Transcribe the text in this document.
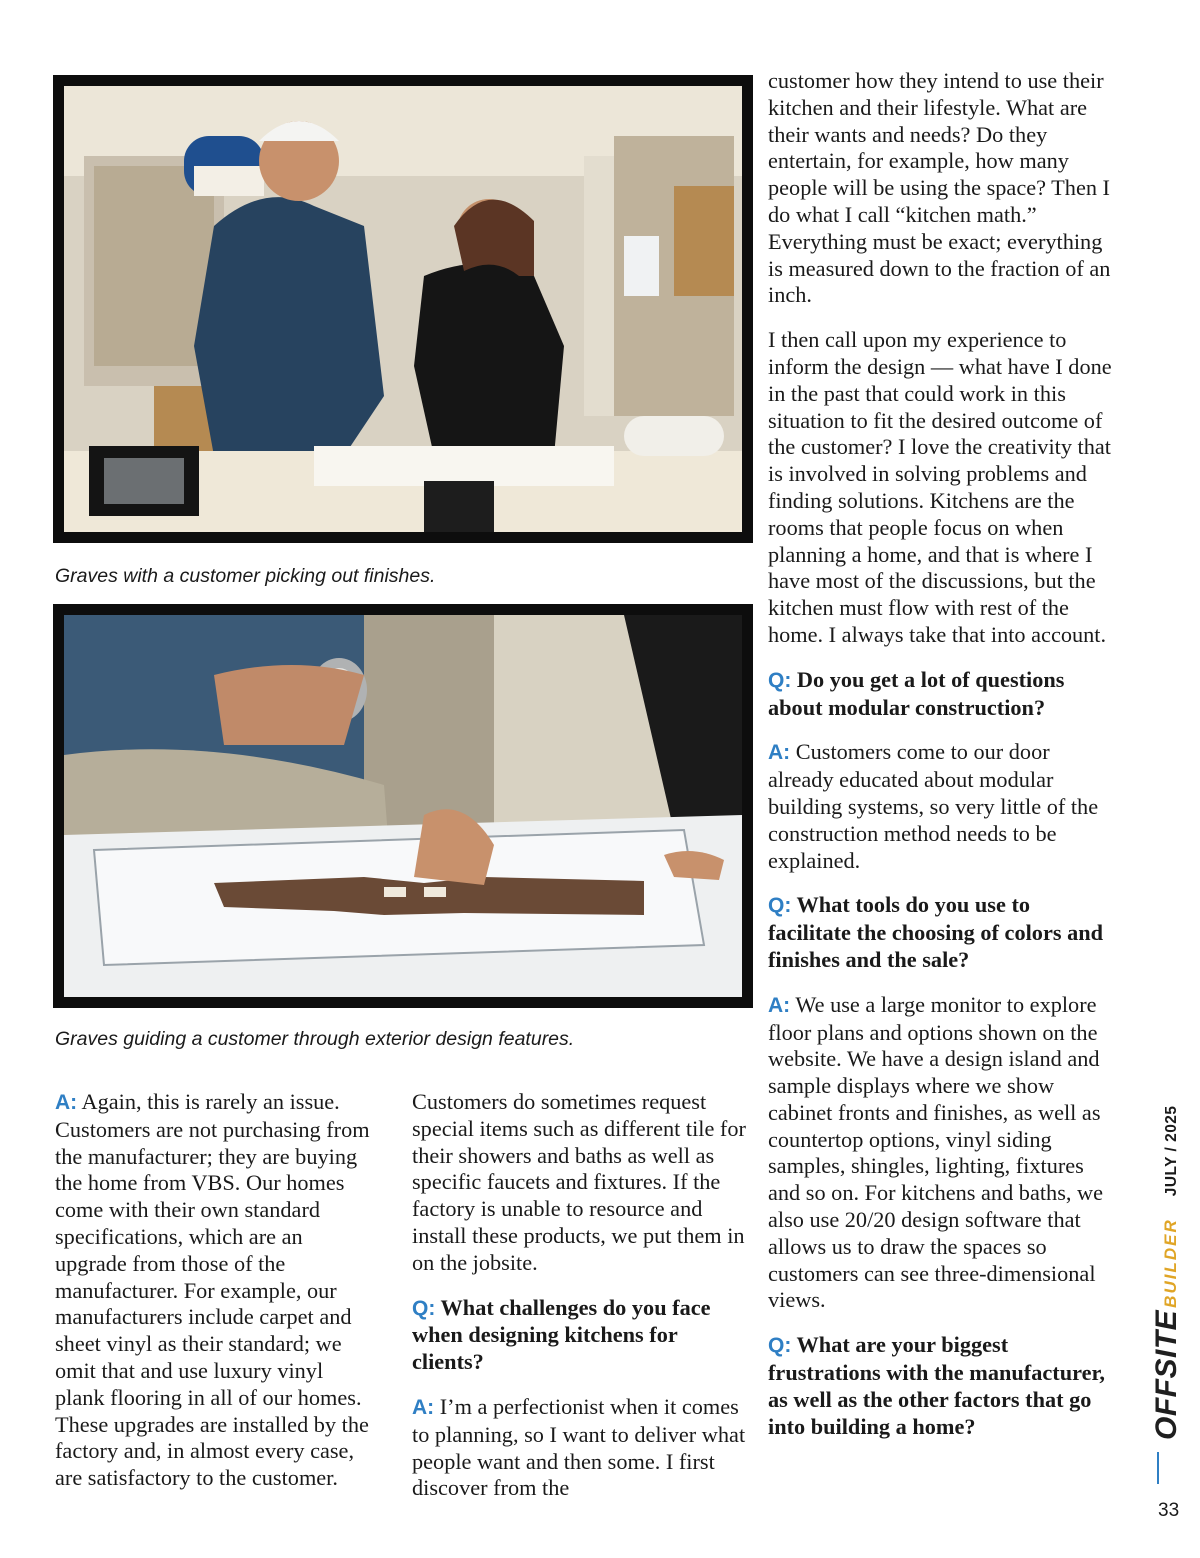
Graves with a customer picking out finishes.

Graves guiding a customer through exterior design features.

A: Again, this is rarely an issue. Customers are not purchasing from the manufacturer; they are buying the home from VBS. Our homes come with their own standard specifications, which are an upgrade from those of the manufacturer. For example, our manufacturers include carpet and sheet vinyl as their standard; we omit that and use luxury vinyl plank flooring in all of our homes. These upgrades are installed by the factory and, in almost every case, are satisfactory to the customer.

Customers do sometimes request special items such as different tile for their showers and baths as well as specific faucets and fixtures. If the factory is unable to resource and install these products, we put them in on the jobsite.

Q: What challenges do you face when designing kitchens for clients?

A: I’m a perfectionist when it comes to planning, so I want to deliver what people want and then some. I first discover from the

customer how they intend to use their kitchen and their lifestyle. What are their wants and needs? Do they entertain, for example, how many people will be using the space? Then I do what I call “kitchen math.” Everything must be exact; everything is measured down to the fraction of an inch.

I then call upon my experience to inform the design — what have I done in the past that could work in this situation to fit the desired outcome of the customer? I love the creativity that is involved in solving problems and finding solutions. Kitchens are the rooms that people focus on when planning a home, and that is where I have most of the discussions, but the kitchen must flow with rest of the home. I always take that into account.

Q: Do you get a lot of questions about modular construction?

A: Customers come to our door already educated about modular building systems, so very little of the construction method needs to be explained.

Q: What tools do you use to facilitate the choosing of colors and finishes and the sale?

A: We use a large monitor to explore floor plans and options shown on the website. We have a design island and sample displays where we show cabinet fronts and finishes, as well as countertop options, vinyl siding samples, shingles, lighting, fixtures and so on. For kitchens and baths, we also use 20/20 design software that allows us to draw the spaces so customers can see three-dimensional views.

Q: What are your biggest frustrations with the manufacturer, as well as the other factors that go into building a home?	OFFSITE
BUILDER
JULY / 2025
33
